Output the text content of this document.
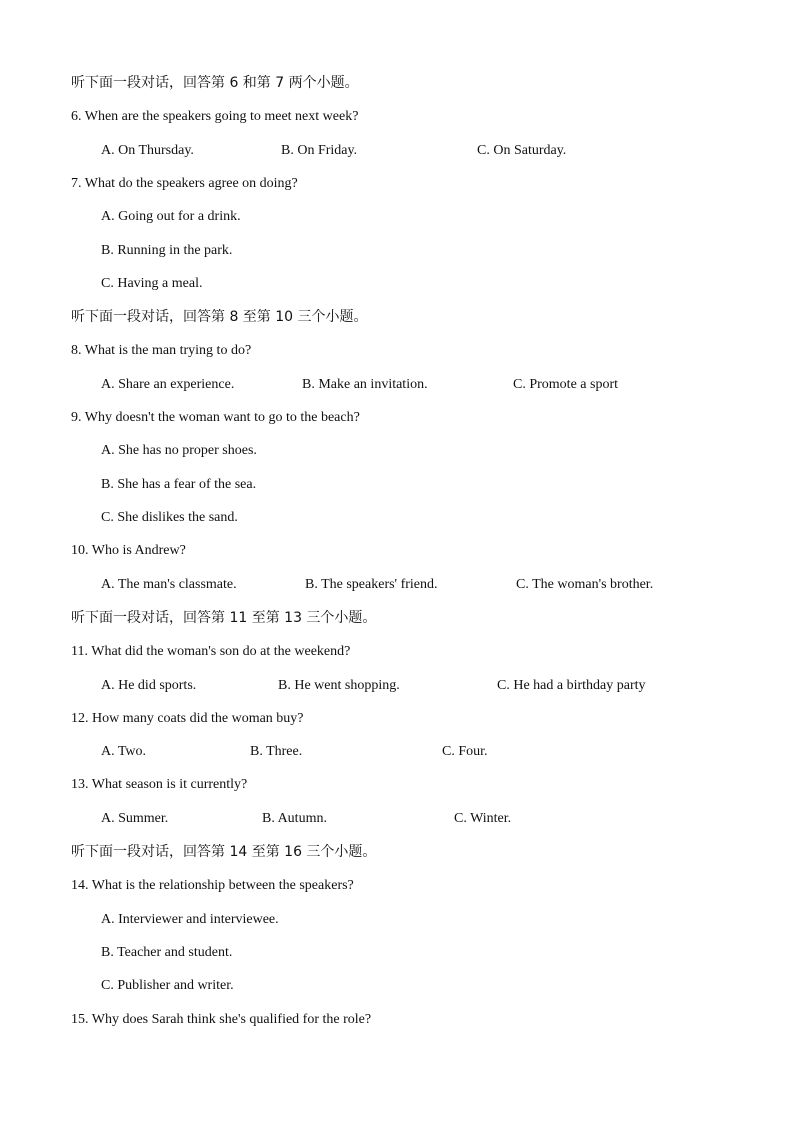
听下面一段对话，回答第 6 和第 7 两个小题。
6. When are the speakers going to meet next week?
A. On Thursday.	B. On Friday.	C. On Saturday.
7. What do the speakers agree on doing?
A. Going out for a drink.
B. Running in the park.
C. Having a meal.
听下面一段对话，回答第 8 至第 10 三个小题。
8. What is the man trying to do?
A. Share an experience.	B. Make an invitation.	C. Promote a sport
9. Why doesn't the woman want to go to the beach?
A. She has no proper shoes.
B. She has a fear of the sea.
C. She dislikes the sand.
10. Who is Andrew?
A. The man's classmate.	B. The speakers' friend.	C. The woman's brother.
听下面一段对话，回答第 11 至第 13 三个小题。
11. What did the woman's son do at the weekend?
A. He did sports.	B. He went shopping.	C. He had a birthday party
12. How many coats did the woman buy?
A. Two.	B. Three.	C. Four.
13. What season is it currently?
A. Summer.	B. Autumn.	C. Winter.
听下面一段对话，回答第 14 至第 16 三个小题。
14. What is the relationship between the speakers?
A. Interviewer and interviewee.
B. Teacher and student.
C. Publisher and writer.
15. Why does Sarah think she's qualified for the role?
